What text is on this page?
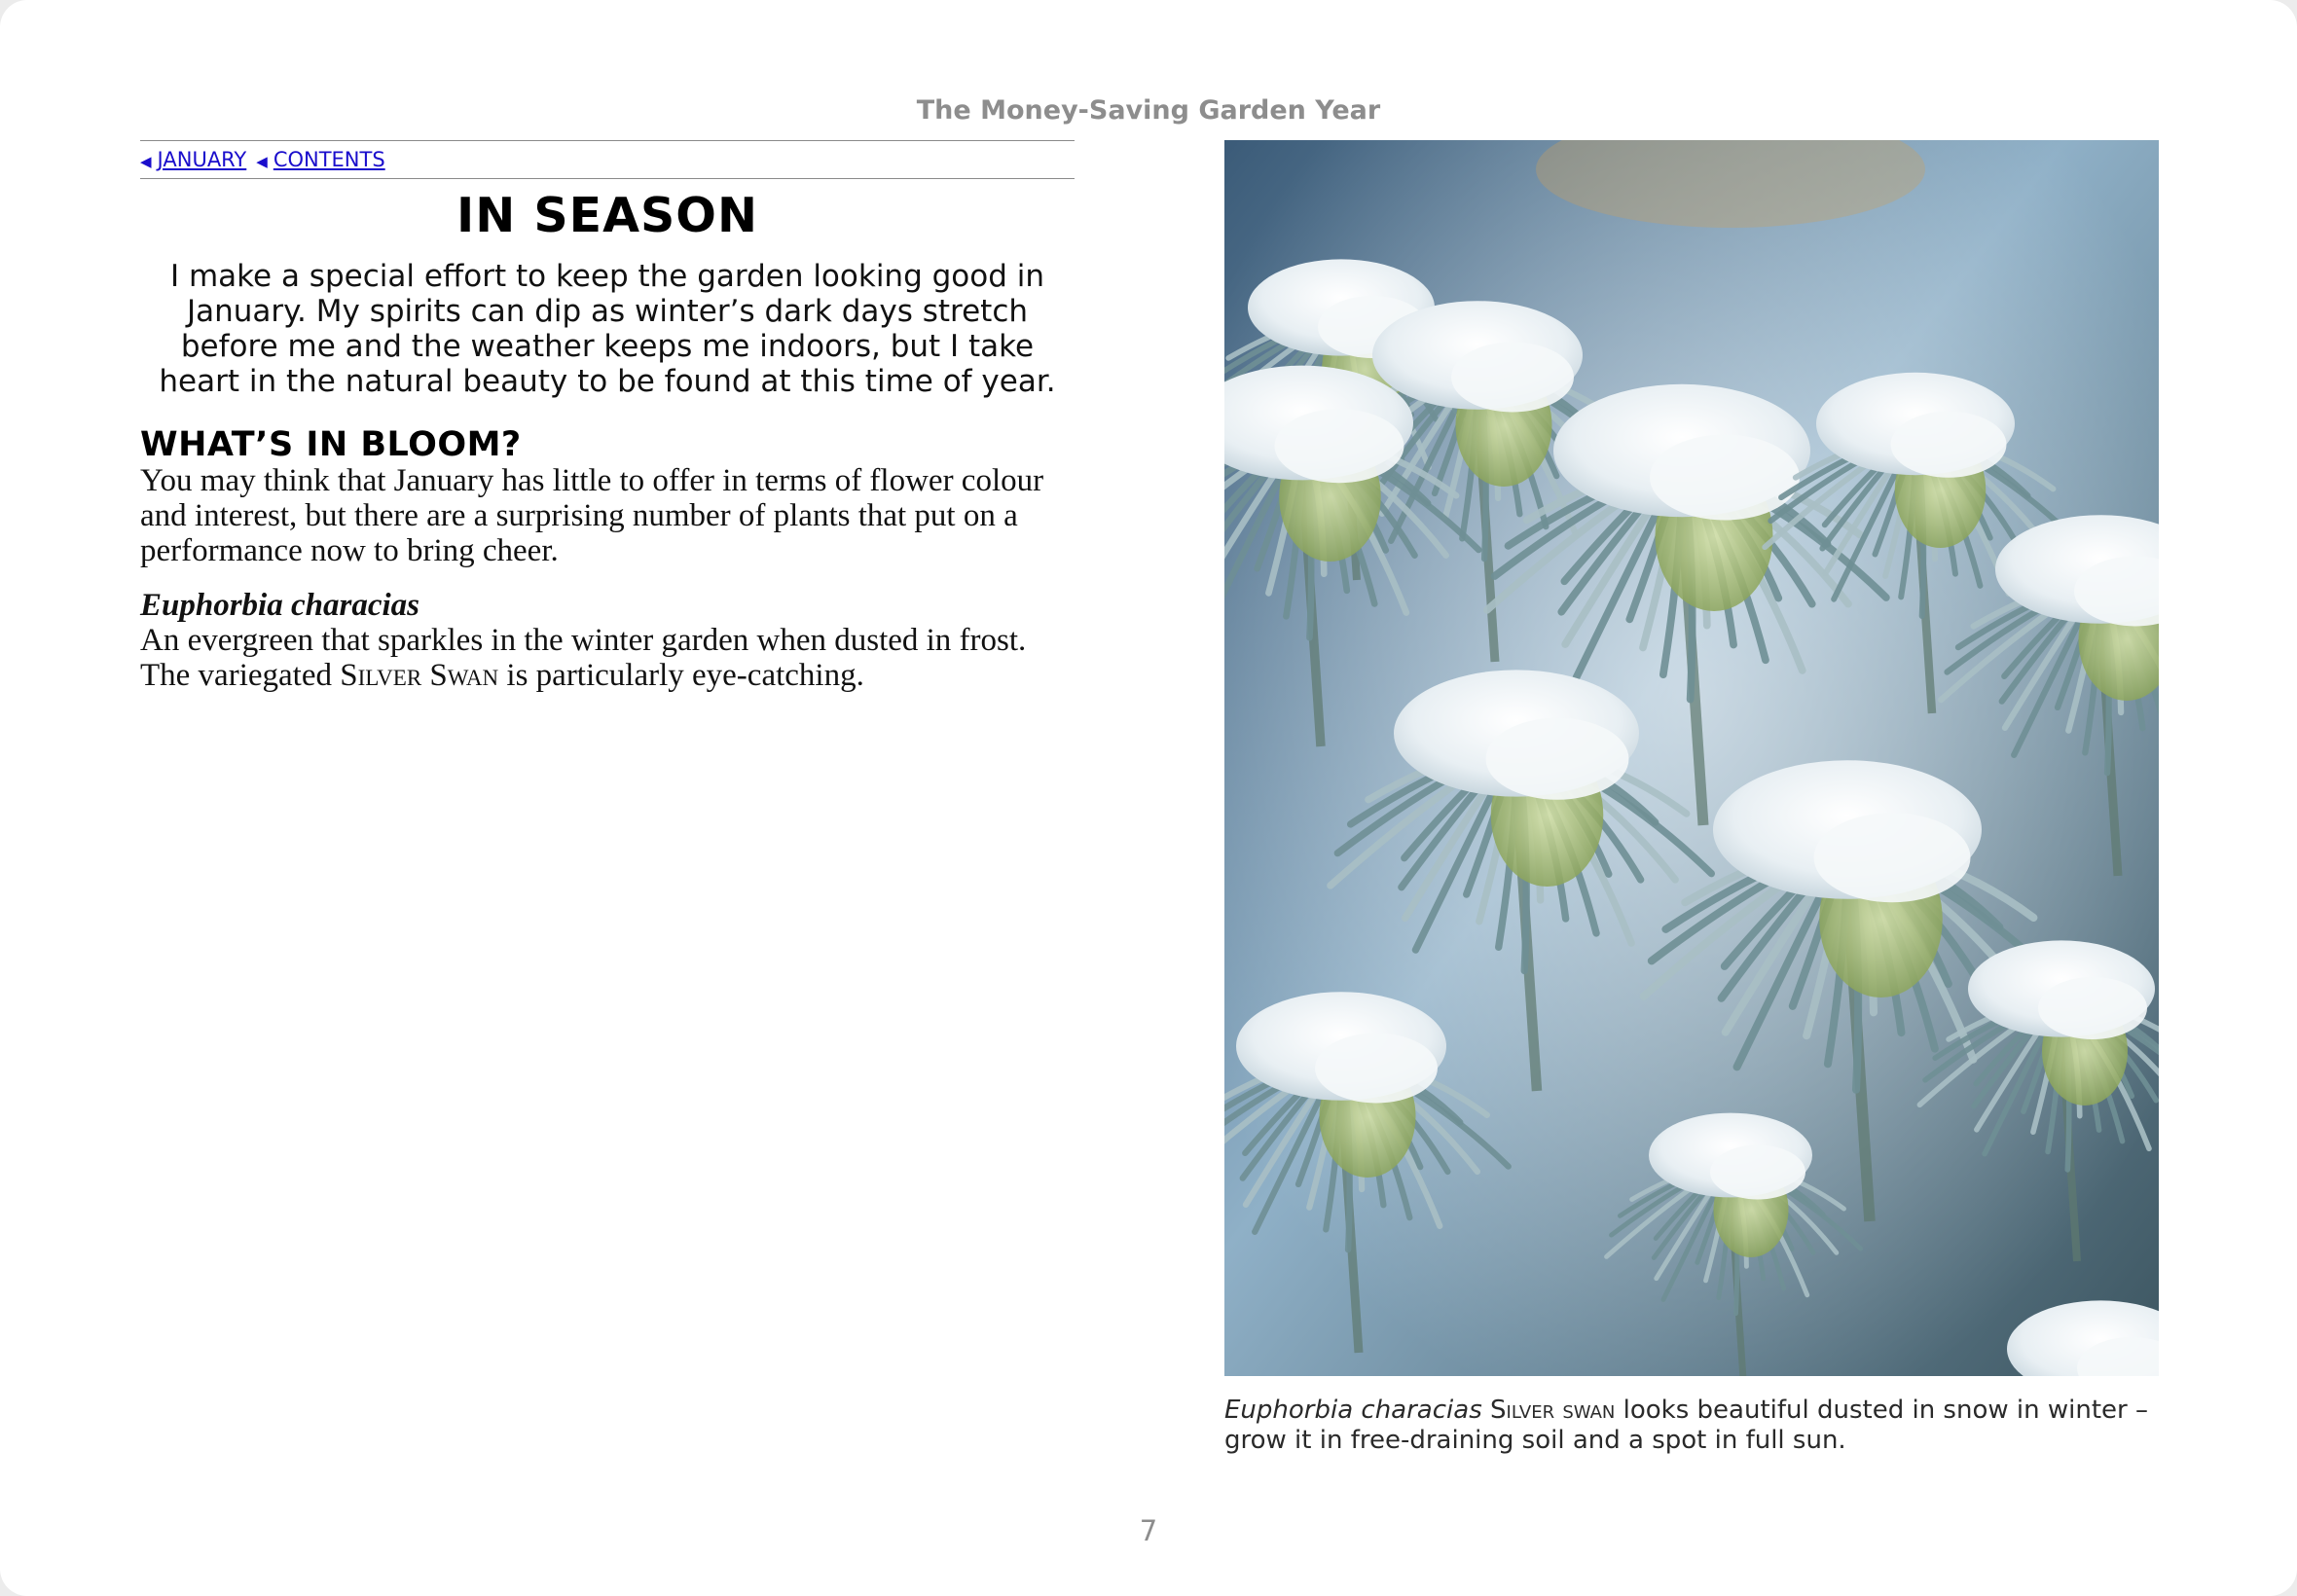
The Money-Saving Garden Year
◀ JANUARY ◀ CONTENTS
IN SEASON

I make a special effort to keep the garden looking good in January. My spirits can dip as winter’s dark days stretch before me and the weather keeps me indoors, but I take heart in the natural beauty to be found at this time of year.

WHAT’S IN BLOOM?

You may think that January has little to offer in terms of flower colour and interest, but there are a surprising number of plants that put on a performance now to bring cheer.

Euphorbia characias

An evergreen that sparkles in the winter garden when dusted in frost. The variegated Silver Swan is particularly eye-catching.

Euphorbia characias Silver swan looks beautiful dusted in snow in winter – grow it in free-draining soil and a spot in full sun.
7
